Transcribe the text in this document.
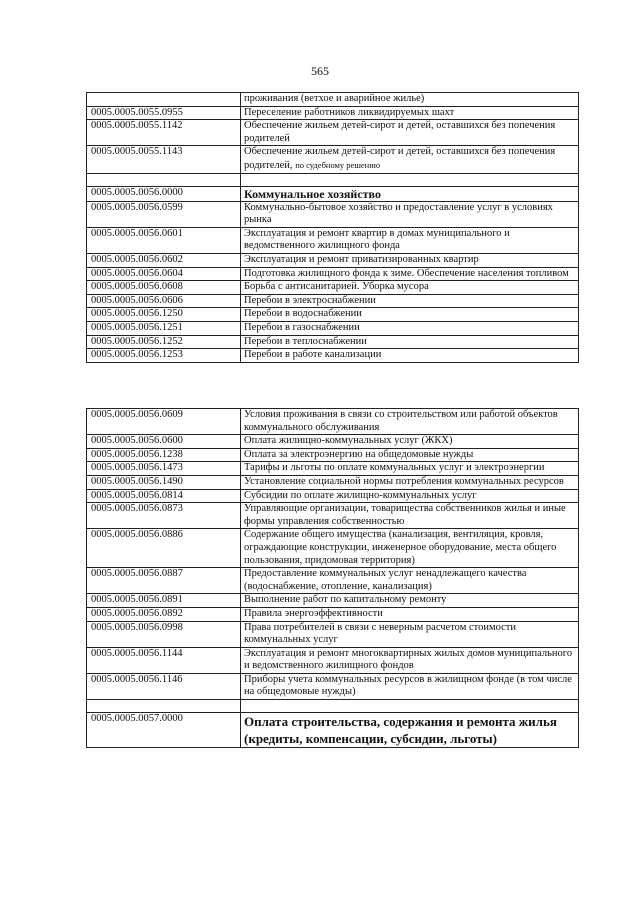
565
	проживания (ветхое и аварийное жилье)
0005.0005.0055.0955	Переселение работников ликвидируемых шахт
0005.0005.0055.1142	Обеспечение жильем детей-сирот и детей, оставшихся без попечения родителей
0005.0005.0055.1143	Обеспечение жильем детей-сирот и детей, оставшихся без попечения родителей, по судебному решению

0005.0005.0056.0000	Коммунальное хозяйство
0005.0005.0056.0599	Коммунально-бытовое хозяйство и предоставление услуг в условиях рынка
0005.0005.0056.0601	Эксплуатация и ремонт квартир в домах муниципального и ведомственного жилищного фонда
0005.0005.0056.0602	Эксплуатация и ремонт приватизированных квартир
0005.0005.0056.0604	Подготовка жилищного фонда к зиме. Обеспечение населения топливом
0005.0005.0056.0608	Борьба с антисанитарией. Уборка мусора
0005.0005.0056.0606	Перебои в электроснабжении
0005.0005.0056.1250	Перебои в водоснабжении
0005.0005.0056.1251	Перебои в газоснабжении
0005.0005.0056.1252	Перебои в теплоснабжении
0005.0005.0056.1253	Перебои в работе канализации
0005.0005.0056.0609	Условия проживания в связи со строительством или работой объектов коммунального обслуживания
0005.0005.0056.0600	Оплата жилищно-коммунальных услуг (ЖКХ)
0005.0005.0056.1238	Оплата за электроэнергию на общедомовые нужды
0005.0005.0056.1473	Тарифы и льготы по оплате коммунальных услуг и электроэнергии
0005.0005.0056.1490	Установление социальной нормы потребления коммунальных ресурсов
0005.0005.0056.0814	Субсидии по оплате жилищно-коммунальных услуг
0005.0005.0056.0873	Управляющие организации, товарищества собственников жилья и иные формы управления собственностью
0005.0005.0056.0886	Содержание общего имущества (канализация, вентиляция, кровля, ограждающие конструкции, инженерное оборудование, места общего пользования, придомовая территория)
0005.0005.0056.0887	Предоставление коммунальных услуг ненадлежащего качества (водоснабжение, отопление, канализация)
0005.0005.0056.0891	Выполнение работ по капитальному ремонту
0005.0005.0056.0892	Правила энергоэффективности
0005.0005.0056.0998	Права потребителей в связи с неверным расчетом стоимости коммунальных услуг
0005.0005.0056.1144	Эксплуатация и ремонт многоквартирных жилых домов муниципального и ведомственного жилищного фондов
0005.0005.0056.1146	Приборы учета коммунальных ресурсов в жилищном фонде (в том числе на общедомовые нужды)

0005.0005.0057.0000	Оплата строительства, содержания и ремонта жилья (кредиты, компенсации, субсидии, льготы)
